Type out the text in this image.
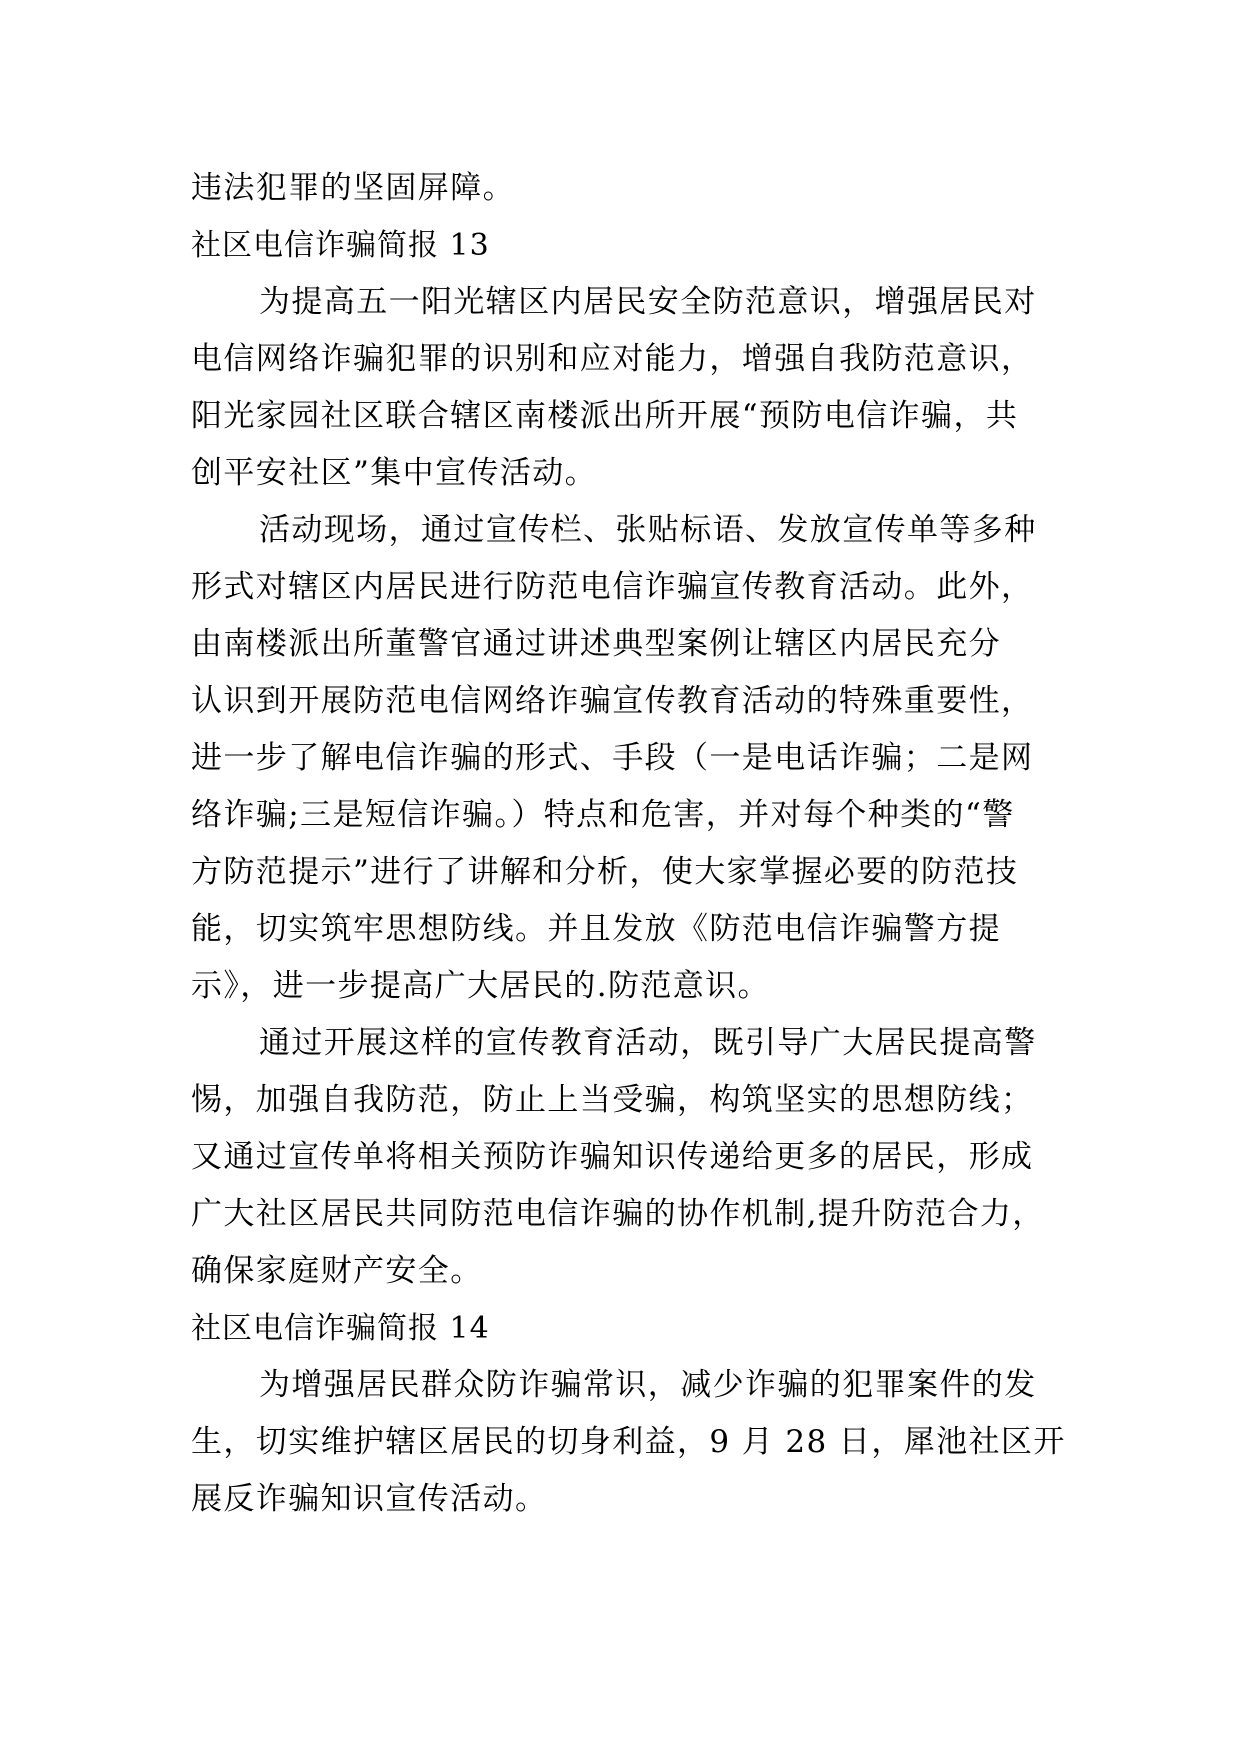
违法犯罪的坚固屏障。
社区电信诈骗简报 13
为提高五一阳光辖区内居民安全防范意识，增强居民对
电信网络诈骗犯罪的识别和应对能力，增强自我防范意识，
阳光家园社区联合辖区南楼派出所开展“预防电信诈骗，共
创平安社区”集中宣传活动。
活动现场，通过宣传栏、张贴标语、发放宣传单等多种
形式对辖区内居民进行防范电信诈骗宣传教育活动。此外，
由南楼派出所董警官通过讲述典型案例让辖区内居民充分
认识到开展防范电信网络诈骗宣传教育活动的特殊重要性，
进一步了解电信诈骗的形式、手段（一是电话诈骗；二是网
络诈骗;三是短信诈骗。）特点和危害，并对每个种类的“警
方防范提示”进行了讲解和分析，使大家掌握必要的防范技
能，切实筑牢思想防线。并且发放《防范电信诈骗警方提
示》，进一步提高广大居民的.防范意识。
通过开展这样的宣传教育活动，既引导广大居民提高警
惕，加强自我防范，防止上当受骗，构筑坚实的思想防线；
又通过宣传单将相关预防诈骗知识传递给更多的居民，形成
广大社区居民共同防范电信诈骗的协作机制,提升防范合力，
确保家庭财产安全。
社区电信诈骗简报 14
为增强居民群众防诈骗常识，减少诈骗的犯罪案件的发
生，切实维护辖区居民的切身利益，9 月 28 日，犀池社区开
展反诈骗知识宣传活动。
